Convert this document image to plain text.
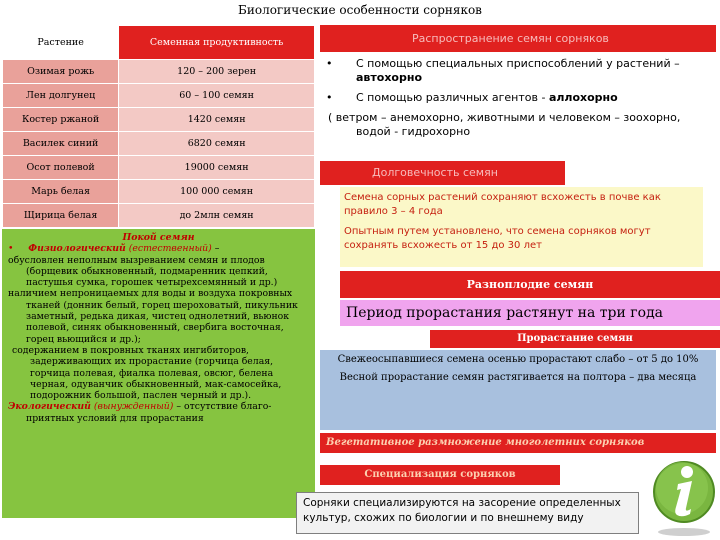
Биологические особенности сорняков
Растение	Семенная продуктивность
Озимая рожь	120 – 200 зерен
Лен долгунец	60 – 100 семян
Костер ржаной	1420 семян
Василек синий	6820 семян
Осот полевой	19000 семян
Марь белая	100 000 семян
Щирица белая	до 2млн семян
Покой семян

• Физиологический (естественный) –

обусловлен неполным вызреванием семян и плодов (борщевик обыкновенный, подмаренник цепкий, пастушья сумка, горошек четырехсемянный и др.)

наличием непроницаемых для воды и воздуха покровных тканей (донник белый, горец шероховатый, пикульник заметный, редька дикая, чистец однолетний, вьюнок полевой, синяк обыкновенный, свербига восточная, горец вьющийся и др.);

содержанием в покровных тканях ингибиторов, задерживающих их прорастание (горчица белая, горчица полевая, фиалка полевая, овсюг, белена черная, одуванчик обыкновенный, мак-самосейка, подорожник большой, паслен черный и др.).

Экологический (вынужденный) – отсутствие благо-приятных условий для прорастания

Распространение семян сорняков
•	С помощью специальных приспособлений у растений – автохорно
•	С помощью различных агентов - аллохорно
( ветром – анемохорно, животными и человеком – зоохорно, водой - гидрохорно
Долговечность семян

Семена сорных растений сохраняют всхожесть в почве как правило 3 – 4 года

Опытным путем установлено, что семена сорняков могут сохранять всхожесть от 15 до 30 лет

Разноплодие семян
Период прорастания растянут на три года
Прорастание семян

Свежеосыпавшиеся семена осенью прорастают слабо – от 5 до 10%

Весной прорастание семян растягивается на полтора – два месяца

Вегетативное размножение многолетних сорняков
Специализация сорняков
Сорняки специализируются на засорение определенных культур, схожих по биологии и по внешнему виду
